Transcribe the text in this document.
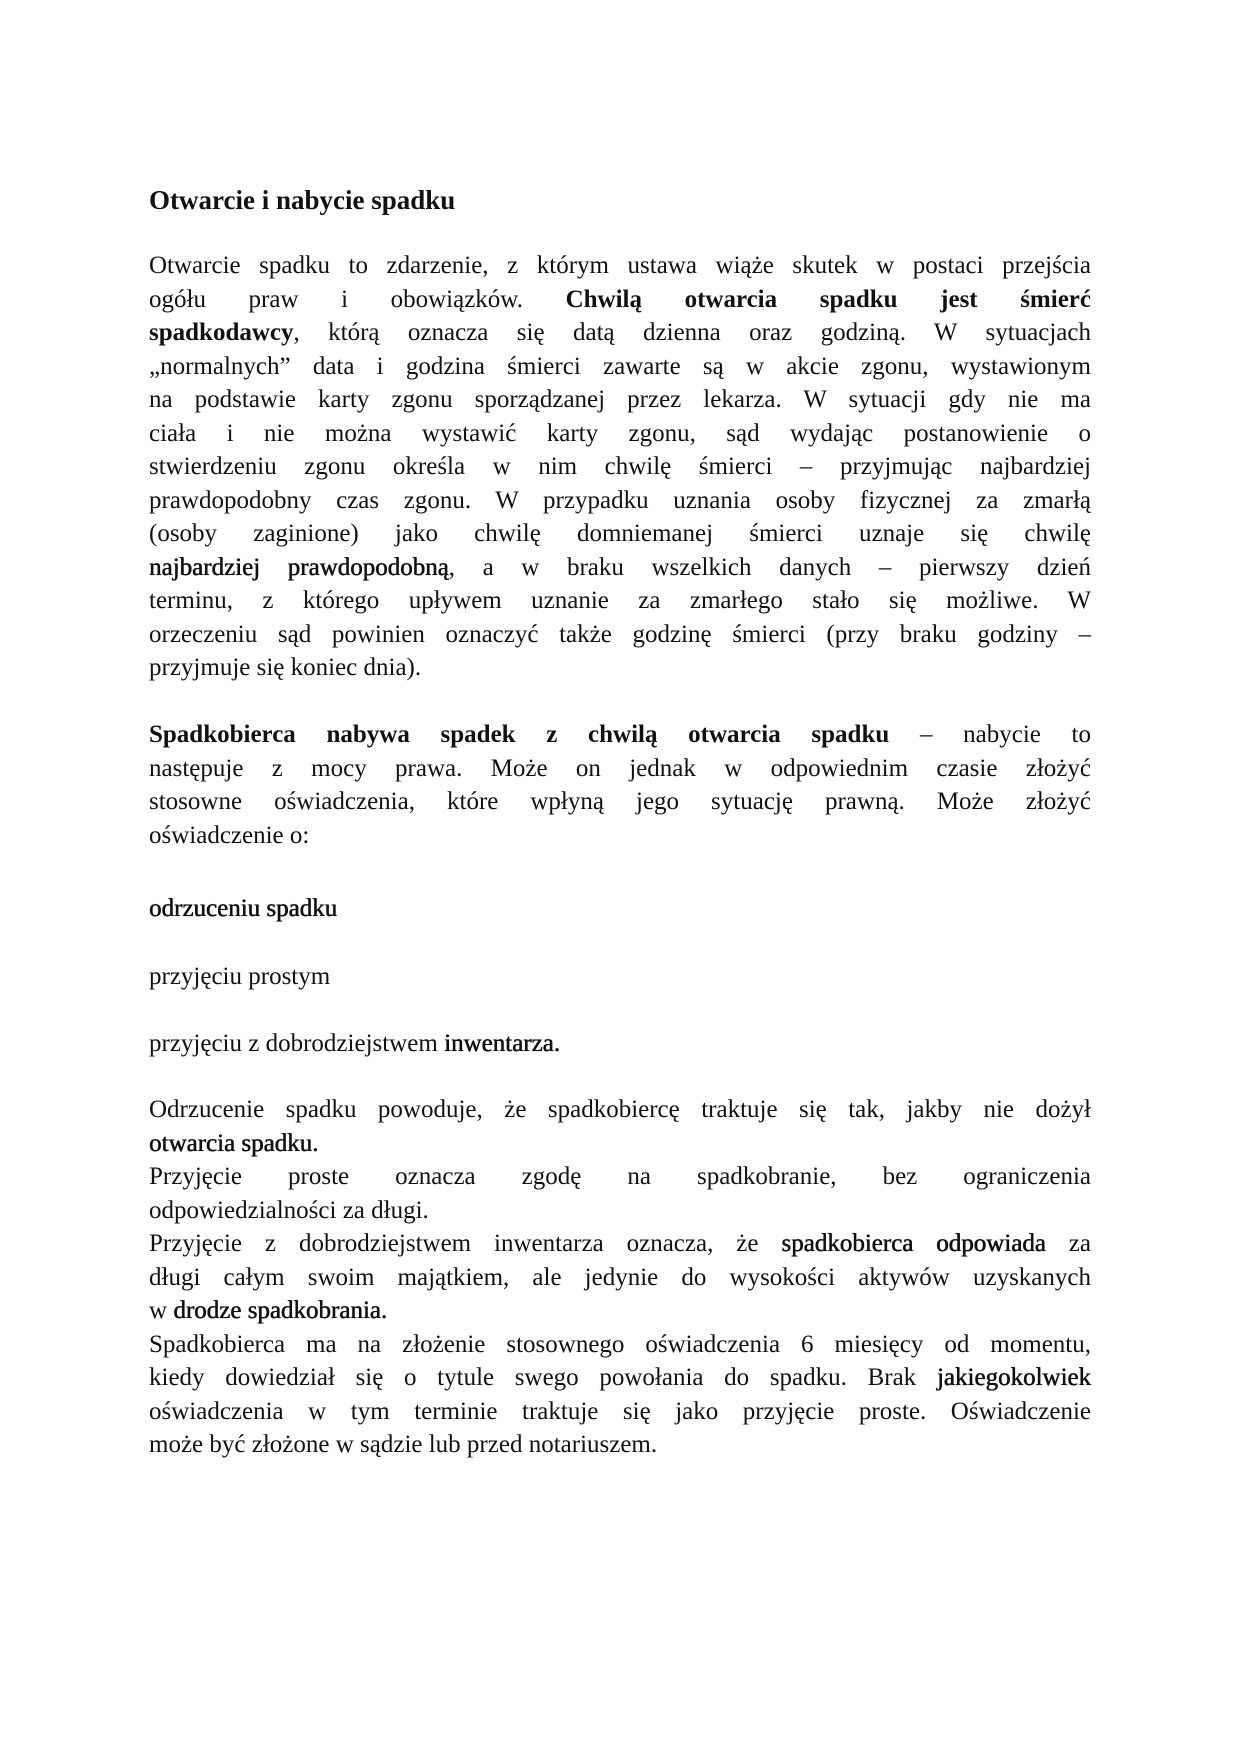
Otwarcie i nabycie spadku
Otwarcie spadku to zdarzenie, z którym ustawa wiąże skutek w postaci przejścia
ogółu praw i obowiązków. Chwilą otwarcia spadku jest śmierć
spadkodawcy, którą oznacza się datą dzienna oraz godziną. W sytuacjach
„normalnych” data i godzina śmierci zawarte są w akcie zgonu, wystawionym
na podstawie karty zgonu sporządzanej przez lekarza. W sytuacji gdy nie ma
ciała i nie można wystawić karty zgonu, sąd wydając postanowienie o
stwierdzeniu zgonu określa w nim chwilę śmierci – przyjmując najbardziej
prawdopodobny czas zgonu. W przypadku uznania osoby fizycznej za zmarłą
(osoby zaginione) jako chwilę domniemanej śmierci uznaje się chwilę
najbardziej prawdopodobną, a w braku wszelkich danych – pierwszy dzień
terminu, z którego upływem uznanie za zmarłego stało się możliwe. W
orzeczeniu sąd powinien oznaczyć także godzinę śmierci (przy braku godziny –
przyjmuje się koniec dnia).
Spadkobierca nabywa spadek z chwilą otwarcia spadku – nabycie to
następuje z mocy prawa. Może on jednak w odpowiednim czasie złożyć
stosowne oświadczenia, które wpłyną jego sytuację prawną. Może złożyć
oświadczenie o:
odrzuceniu spadku
przyjęciu prostym
przyjęciu z dobrodziejstwem inwentarza.
Odrzucenie spadku powoduje, że spadkobiercę traktuje się tak, jakby nie dożył
otwarcia spadku.
Przyjęcie proste oznacza zgodę na spadkobranie, bez ograniczenia
odpowiedzialności za długi.
Przyjęcie z dobrodziejstwem inwentarza oznacza, że spadkobierca odpowiada za
długi całym swoim majątkiem, ale jedynie do wysokości aktywów uzyskanych
w drodze spadkobrania.
Spadkobierca ma na złożenie stosownego oświadczenia 6 miesięcy od momentu,
kiedy dowiedział się o tytule swego powołania do spadku. Brak jakiegokolwiek
oświadczenia w tym terminie traktuje się jako przyjęcie proste. Oświadczenie
może być złożone w sądzie lub przed notariuszem.
